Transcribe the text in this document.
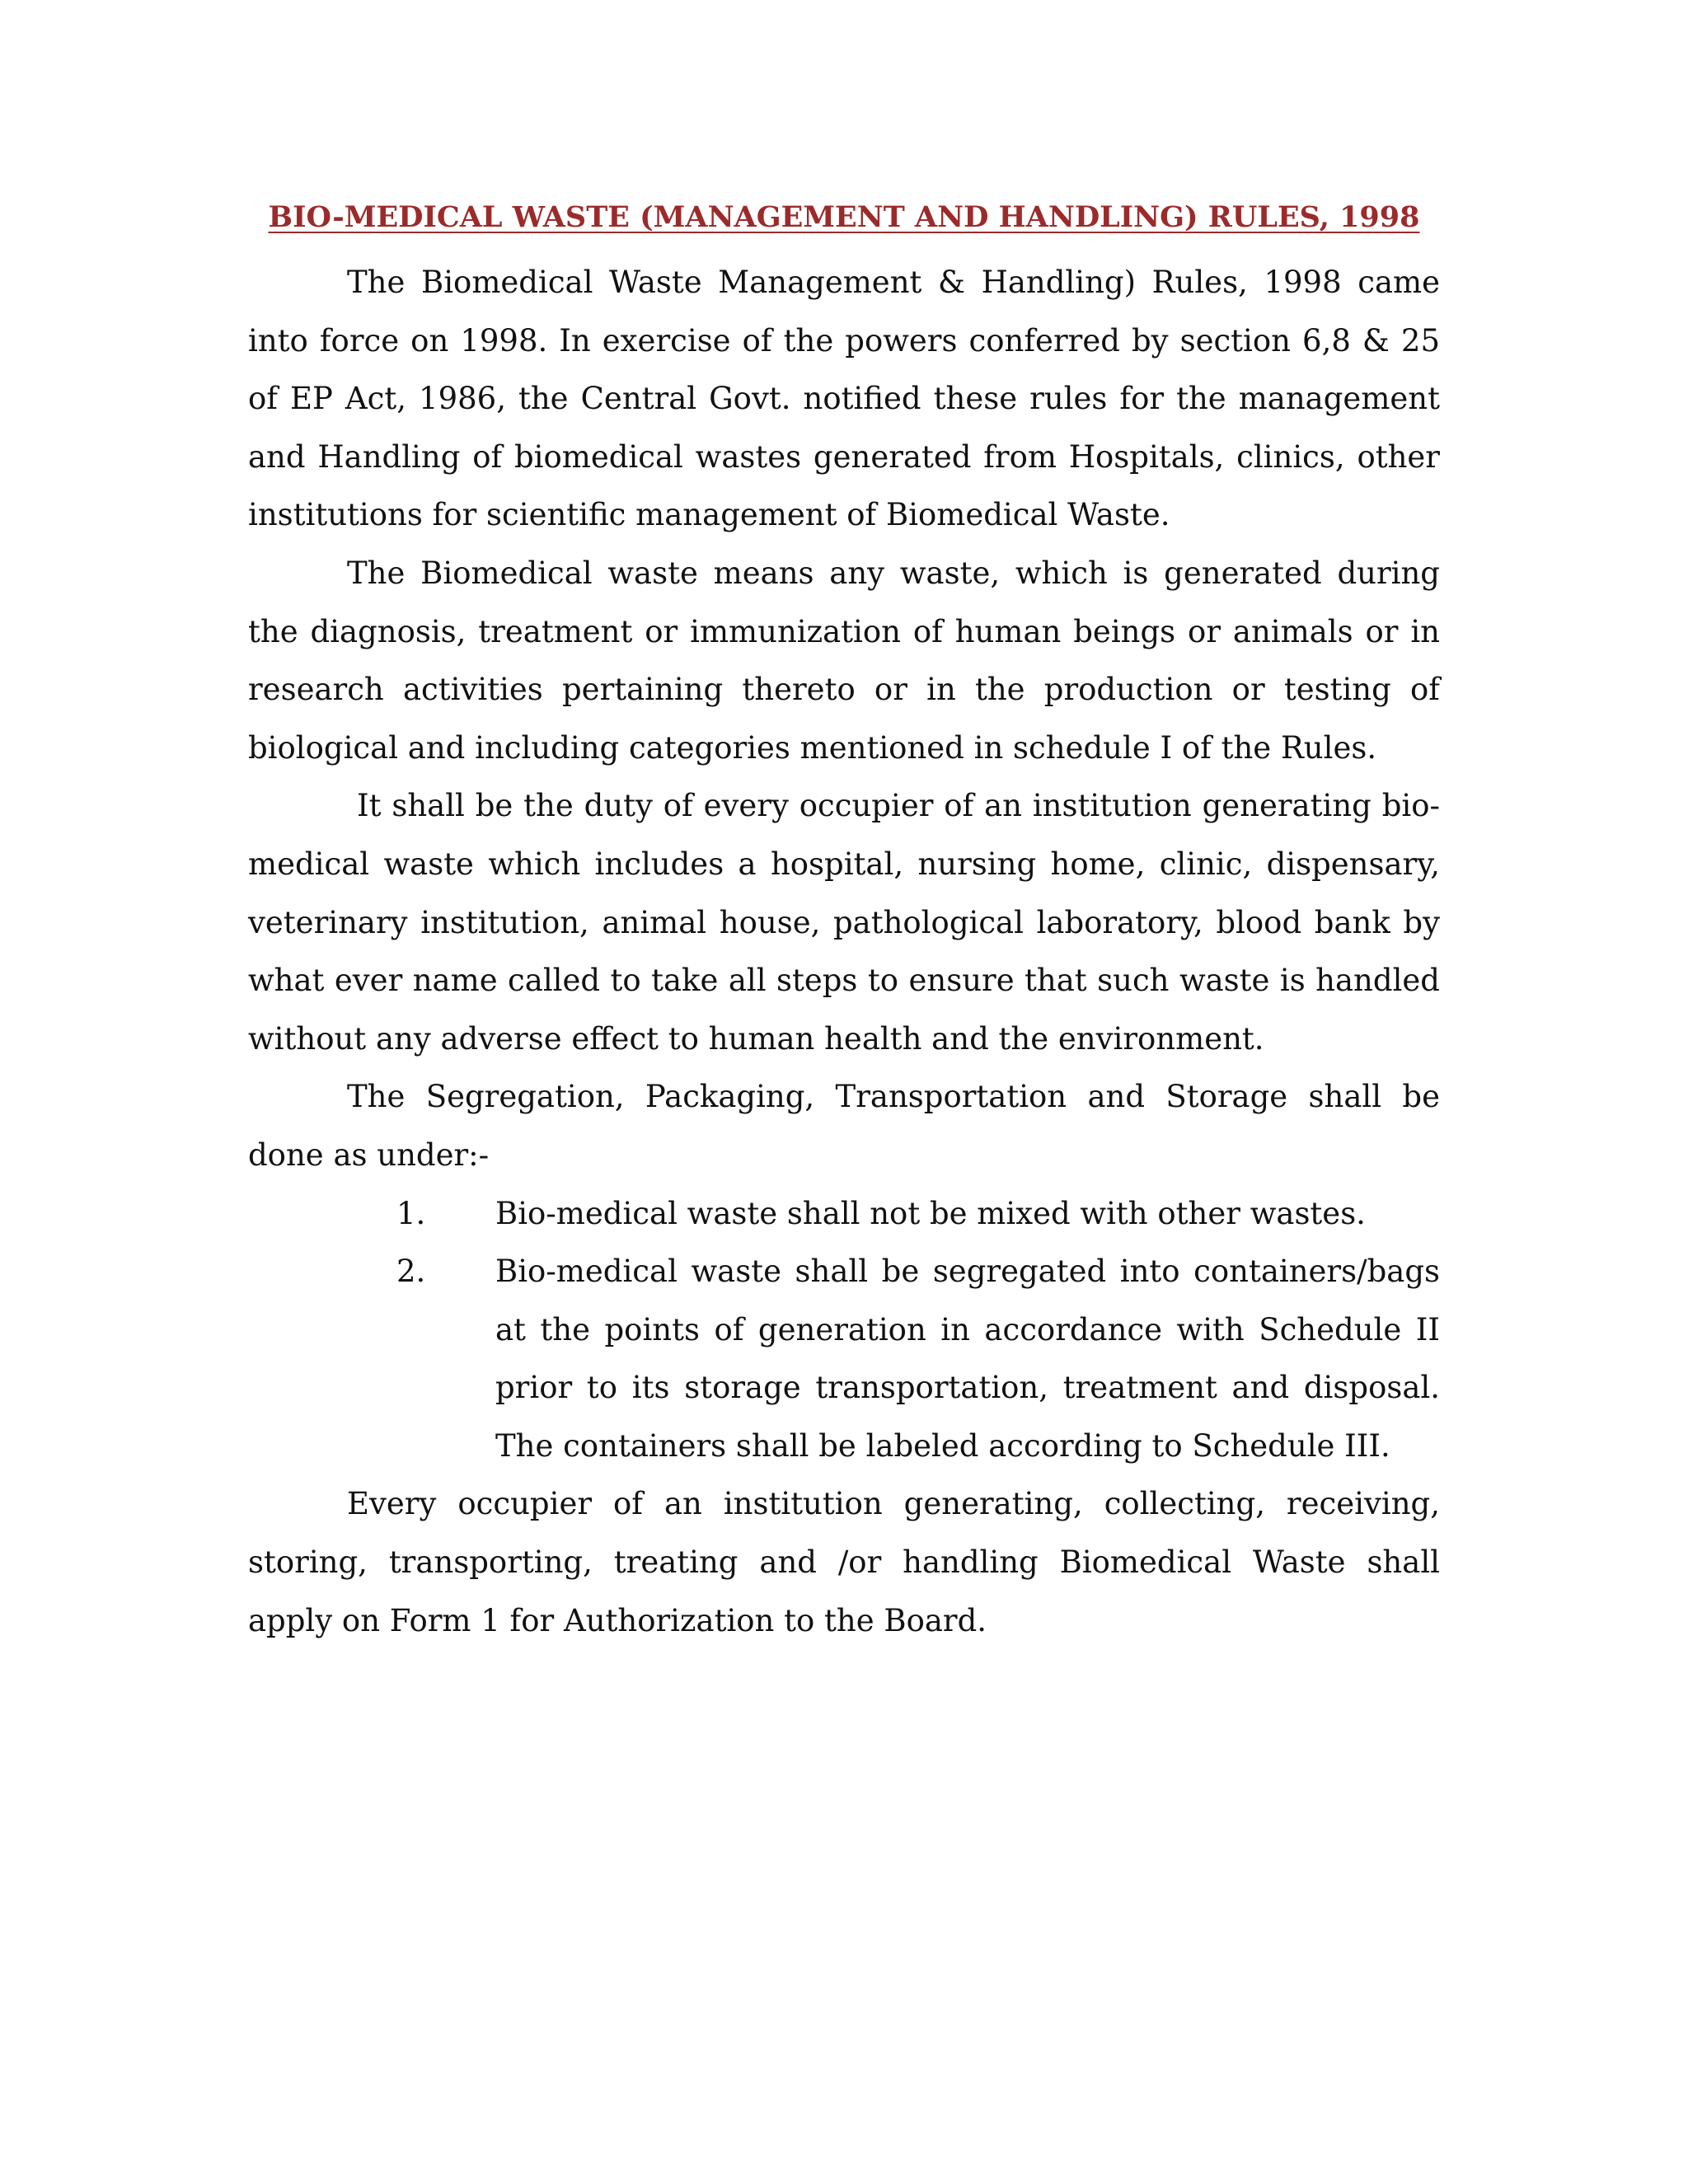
BIO-MEDICAL WASTE (MANAGEMENT AND HANDLING) RULES, 1998

The Biomedical Waste Management & Handling) Rules, 1998 came into force on 1998. In exercise of the powers conferred by section 6,8 & 25 of EP Act, 1986, the Central Govt. notified these rules for the management and Handling of biomedical wastes generated from Hospitals, clinics, other institutions for scientific management of Biomedical Waste.

The Biomedical waste means any waste, which is generated during the diagnosis, treatment or immunization of human beings or animals or in research activities pertaining thereto or in the production or testing of biological and including categories mentioned in schedule I of the Rules.

It shall be the duty of every occupier of an institution generating bio-medical waste which includes a hospital, nursing home, clinic, dispensary, veterinary institution, animal house, pathological laboratory, blood bank by what ever name called to take all steps to ensure that such waste is handled without any adverse effect to human health and the environment.

The Segregation, Packaging, Transportation and Storage shall be done as under:-

1. Bio-medical waste shall not be mixed with other wastes.
2. Bio-medical waste shall be segregated into containers/bags at the points of generation in accordance with Schedule II prior to its storage transportation, treatment and disposal. The containers shall be labeled according to Schedule III.

Every occupier of an institution generating, collecting, receiving, storing, transporting, treating and /or handling Biomedical Waste shall apply on Form 1 for Authorization to the Board.
